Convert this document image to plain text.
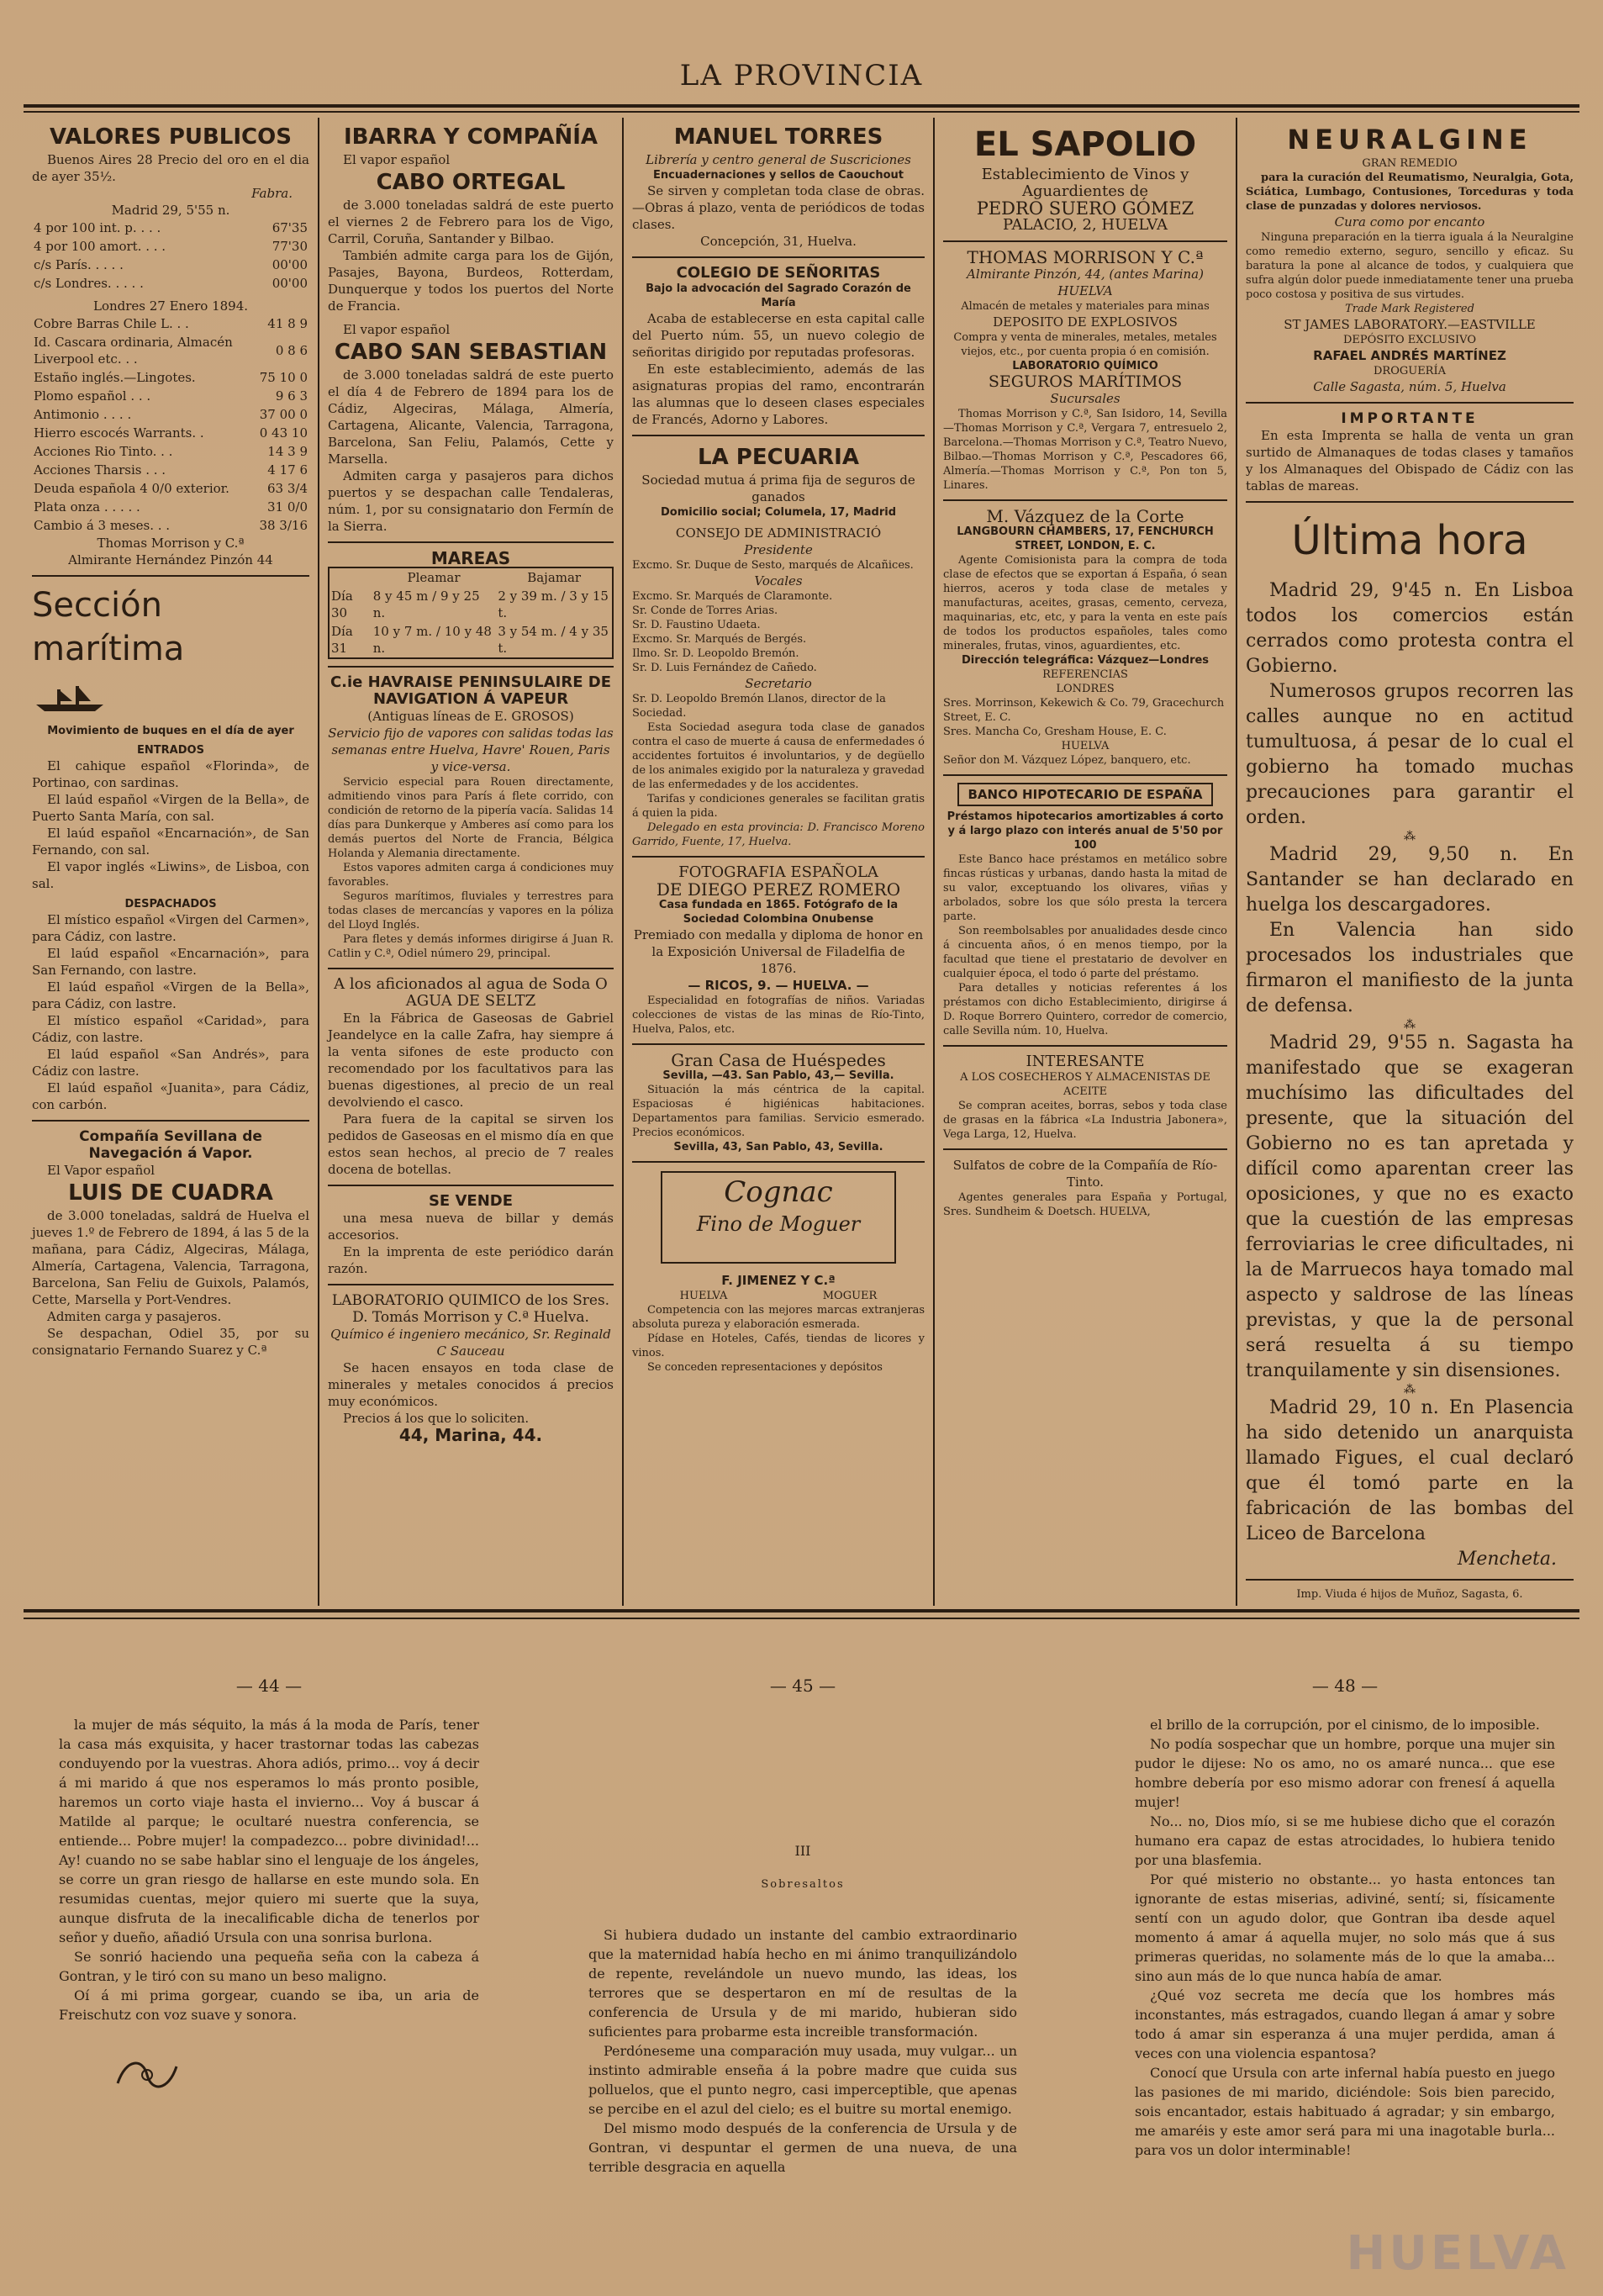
LA PROVINCIA
VALORES PUBLICOS
Buenos Aires 28 Precio del oro en el dia de ayer 35½.
Fabra.
Madrid 29, 5'55 n.
4 por 100 int. p. . . .	67'35
4 por 100 amort. . . .	77'30
c/s París. . . . .	00'00
c/s Londres. . . . .	00'00
Londres 27 Enero 1894.
Cobre Barras Chile L. . .	41 8 9
Id. Cascara ordinaria, Almacén Liverpool etc. . .	0 8 6
Estaño inglés.—Lingotes.	75 10 0
Plomo español . . .	9 6 3
Antimonio . . . .	37 00 0
Hierro escocés Warrants. .	0 43 10
Acciones Rio Tinto. . .	14 3 9
Acciones Tharsis . . .	4 17 6
Deuda española 4 0/0 exterior.	63 3/4
Plata onza . . . . .	31 0/0
Cambio á 3 meses. . .	38 3/16
Thomas Morrison y C.ª
Almirante Hernández Pinzón 44
Sección marítima
Movimiento de buques en el día de ayer
ENTRADOS
El cahique español «Florinda», de Portinao, con sardinas.
El laúd español «Virgen de la Bella», de Puerto Santa María, con sal.
El laúd español «Encarnación», de San Fernando, con sal.
El vapor inglés «Liwins», de Lisboa, con sal.
DESPACHADOS
El místico español «Virgen del Carmen», para Cádiz, con lastre.
El laúd español «Encarnación», para San Fernando, con lastre.
El laúd español «Virgen de la Bella», para Cádiz, con lastre.
El místico español «Caridad», para Cádiz, con lastre.
El laúd español «San Andrés», para Cádiz con lastre.
El laúd español «Juanita», para Cádiz, con carbón.
Compañía Sevillana de Navegación á Vapor.
El Vapor español
LUIS DE CUADRA
de 3.000 toneladas, saldrá de Huelva el jueves 1.º de Febrero de 1894, á las 5 de la mañana, para Cádiz, Algeciras, Málaga, Almería, Cartagena, Valencia, Tarragona, Barcelona, San Feliu de Guixols, Palamós, Cette, Marsella y Port-Vendres.
Admiten carga y pasajeros.
Se despachan, Odiel 35, por su consignatario Fernando Suarez y C.ª
IBARRA Y COMPAÑÍA
El vapor español
CABO ORTEGAL
de 3.000 toneladas saldrá de este puerto el viernes 2 de Febrero para los de Vigo, Carril, Coruña, Santander y Bilbao.
También admite carga para los de Gijón, Pasajes, Bayona, Burdeos, Rotterdam, Dunquerque y todos los puertos del Norte de Francia.
El vapor español
CABO SAN SEBASTIAN
de 3.000 toneladas saldrá de este puerto el día 4 de Febrero de 1894 para los de Cádiz, Algeciras, Málaga, Almería, Cartagena, Alicante, Valencia, Tarragona, Barcelona, San Feliu, Palamós, Cette y Marsella.
Admiten carga y pasajeros para dichos puertos y se despachan calle Tendaleras, núm. 1, por su consignatario don Fermín de la Sierra.
MAREAS
	Pleamar	Bajamar
Día 30	8 y 45 m / 9 y 25 n.	2 y 39 m. / 3 y 15 t.
Día 31	10 y 7 m. / 10 y 48 n.	3 y 54 m. / 4 y 35 t.
C.ie HAVRAISE PENINSULAIRE DE NAVIGATION Á VAPEUR
(Antiguas líneas de E. GROSOS)
Servicio fijo de vapores con salidas todas las semanas entre Huelva, Havre' Rouen, Paris y vice-versa.
Servicio especial para Rouen directamente, admitiendo vinos para París á flete corrido, con condición de retorno de la pipería vacía. Salidas 14 días para Dunkerque y Amberes así como para los demás puertos del Norte de Francia, Bélgica Holanda y Alemania directamente.
Estos vapores admiten carga á condiciones muy favorables.
Seguros marítimos, fluviales y terrestres para todas clases de mercancías y vapores en la póliza del Lloyd Inglés.
Para fletes y demás informes dirigirse á Juan R. Catlin y C.ª, Odiel número 29, principal.
A los aficionados al agua de Soda O AGUA DE SELTZ
En la Fábrica de Gaseosas de Gabriel Jeandelyce en la calle Zafra, hay siempre á la venta sifones de este producto con recomendado por los facultativos para las buenas digestiones, al precio de un real devolviendo el casco.
Para fuera de la capital se sirven los pedidos de Gaseosas en el mismo día en que estos sean hechos, al precio de 7 reales docena de botellas.
SE VENDE
una mesa nueva de billar y demás accesorios.
En la imprenta de este periódico darán razón.
LABORATORIO QUIMICO de los Sres. D. Tomás Morrison y C.ª Huelva.
Químico é ingeniero mecánico, Sr. Reginald C Sauceau
Se hacen ensayos en toda clase de minerales y metales conocidos á precios muy económicos.
Precios á los que lo soliciten.
44, Marina, 44.
MANUEL TORRES
Librería y centro general de Suscriciones
Encuadernaciones y sellos de Caouchout
Se sirven y completan toda clase de obras.—Obras á plazo, venta de periódicos de todas clases.
Concepción, 31, Huelva.
COLEGIO DE SEÑORITAS
Bajo la advocación del Sagrado Corazón de María
Acaba de establecerse en esta capital calle del Puerto núm. 55, un nuevo colegio de señoritas dirigido por reputadas profesoras.
En este establecimiento, además de las asignaturas propias del ramo, encontrarán las alumnas que lo deseen clases especiales de Francés, Adorno y Labores.
LA PECUARIA
Sociedad mutua á prima fija de seguros de ganados
Domicilio social; Columela, 17, Madrid
CONSEJO DE ADMINISTRACIÓ
Presidente
Excmo. Sr. Duque de Sesto, marqués de Alcañices.
Vocales
Excmo. Sr. Marqués de Claramonte.
Sr. Conde de Torres Arias.
Sr. D. Faustino Udaeta.
Excmo. Sr. Marqués de Bergés.
Ilmo. Sr. D. Leopoldo Bremón.
Sr. D. Luis Fernández de Cañedo.
Secretario
Sr. D. Leopoldo Bremón Llanos, director de la Sociedad.
Esta Sociedad asegura toda clase de ganados contra el caso de muerte á causa de enfermedades ó accidentes fortuitos é involuntarios, y de degüello de los animales exigido por la naturaleza y gravedad de las enfermedades y de los accidentes.
Tarifas y condiciones generales se facilitan gratis á quien la pida.
Delegado en esta provincia: D. Francisco Moreno Garrido, Fuente, 17, Huelva.
FOTOGRAFIA ESPAÑOLA
DE DIEGO PEREZ ROMERO
Casa fundada en 1865. Fotógrafo de la Sociedad Colombina Onubense
Premiado con medalla y diploma de honor en la Exposición Universal de Filadelfia de 1876.
— RICOS, 9. — HUELVA. —
Especialidad en fotografías de niños. Variadas colecciones de vistas de las minas de Río-Tinto, Huelva, Palos, etc.
Gran Casa de Huéspedes
Sevilla, —43. San Pablo, 43,— Sevilla.
Situación la más céntrica de la capital. Espaciosas é higiénicas habitaciones. Departamentos para familias. Servicio esmerado. Precios económicos.
Sevilla, 43, San Pablo, 43, Sevilla.
Cognac
Fino de Moguer
F. JIMENEZ Y C.ª
HUELVA	MOGUER
Competencia con las mejores marcas extranjeras absoluta pureza y elaboración esmerada.
Pídase en Hoteles, Cafés, tiendas de licores y vinos.
Se conceden representaciones y depósitos
EL SAPOLIO
Establecimiento de Vinos y Aguardientes de
PEDRO SUERO GÓMEZ
PALACIO, 2, HUELVA
THOMAS MORRISON Y C.ª
Almirante Pinzón, 44, (antes Marina) HUELVA
Almacén de metales y materiales para minas
DEPOSITO DE EXPLOSIVOS
Compra y venta de minerales, metales, metales viejos, etc., por cuenta propia ó en comisión.
LABORATORIO QUÍMICO
SEGUROS MARÍTIMOS
Sucursales
Thomas Morrison y C.ª, San Isidoro, 14, Sevilla—Thomas Morrison y C.ª, Vergara 7, entresuelo 2, Barcelona.—Thomas Morrison y C.ª, Teatro Nuevo, Bilbao.—Thomas Morrison y C.ª, Pescadores 66, Almería.—Thomas Morrison y C.ª, Pon ton 5, Linares.
M. Vázquez de la Corte
LANGBOURN CHAMBERS, 17, FENCHURCH STREET, LONDON, E. C.
Agente Comisionista para la compra de toda clase de efectos que se exportan á España, ó sean hierros, aceros y toda clase de metales y manufacturas, aceites, grasas, cemento, cerveza, maquinarias, etc, etc, y para la venta en este país de todos los productos españoles, tales como minerales, frutas, vinos, aguardientes, etc.
Dirección telegráfica: Vázquez—Londres
REFERENCIAS
LONDRES
Sres. Morrinson, Kekewich & Co. 79, Gracechurch Street, E. C.
Sres. Mancha Co, Gresham House, E. C.
HUELVA
Señor don M. Vázquez López, banquero, etc.
BANCO HIPOTECARIO DE ESPAÑA
Préstamos hipotecarios amortizables á corto y á largo plazo con interés anual de 5'50 por 100
Este Banco hace préstamos en metálico sobre fincas rústicas y urbanas, dando hasta la mitad de su valor, exceptuando los olivares, viñas y arbolados, sobre los que sólo presta la tercera parte.
Son reembolsables por anualidades desde cinco á cincuenta años, ó en menos tiempo, por la facultad que tiene el prestatario de devolver en cualquier época, el todo ó parte del préstamo.
Para detalles y noticias referentes á los préstamos con dicho Establecimiento, dirigirse á D. Roque Borrero Quintero, corredor de comercio, calle Sevilla núm. 10, Huelva.
INTERESANTE
A LOS COSECHEROS Y ALMACENISTAS DE ACEITE
Se compran aceites, borras, sebos y toda clase de grasas en la fábrica «La Industria Jabonera», Vega Larga, 12, Huelva.
Sulfatos de cobre de la Compañía de Río-Tinto.
Agentes generales para España y Portugal, Sres. Sundheim & Doetsch. HUELVA,
NEURALGINE
GRAN REMEDIO
para la curación del Reumatismo, Neuralgia, Gota, Sciática, Lumbago, Contusiones, Torceduras y toda clase de punzadas y dolores nerviosos.
Cura como por encanto
Ninguna preparación en la tierra iguala á la Neuralgine como remedio externo, seguro, sencillo y eficaz. Su baratura la pone al alcance de todos, y cualquiera que sufra algún dolor puede inmediatamente tener una prueba poco costosa y positiva de sus virtudes.
Trade Mark Registered
ST JAMES LABORATORY.—EASTVILLE
DEPÓSITO EXCLUSIVO
RAFAEL ANDRÉS MARTÍNEZ
DROGUERÍA
Calle Sagasta, núm. 5, Huelva
IMPORTANTE
En esta Imprenta se halla de venta un gran surtido de Almanaques de todas clases y tamaños y los Almanaques del Obispado de Cádiz con las tablas de mareas.
Última hora
Madrid 29, 9'45 n. En Lisboa todos los comercios están cerrados como protesta contra el Gobierno.
Numerosos grupos recorren las calles aunque no en actitud tumultuosa, á pesar de lo cual el gobierno ha tomado muchas precauciones para garantir el orden.
⁂
Madrid 29, 9,50 n. En Santander se han declarado en huelga los descargadores.
En Valencia han sido procesados los industriales que firmaron el manifiesto de la junta de defensa.
⁂
Madrid 29, 9'55 n. Sagasta ha manifestado que se exageran muchísimo las dificultades del presente, que la situación del Gobierno no es tan apretada y difícil como aparentan creer las oposiciones, y que no es exacto que la cuestión de las empresas ferroviarias le cree dificultades, ni la de Marruecos haya tomado mal aspecto y saldrose de las líneas previstas, y que la de personal será resuelta á su tiempo tranquilamente y sin disensiones.
⁂
Madrid 29, 10 n. En Plasencia ha sido detenido un anarquista llamado Figues, el cual declaró que él tomó parte en la fabricación de las bombas del Liceo de Barcelona
Mencheta.
Imp. Viuda é hijos de Muñoz, Sagasta, 6.
— 44 —
la mujer de más séquito, la más á la moda de París, tener la casa más exquisita, y hacer trastornar todas las cabezas conduyendo por la vuestras. Ahora adiós, primo... voy á decir á mi marido á que nos esperamos lo más pronto posible, haremos un corto viaje hasta el invierno... Voy á buscar á Matilde al parque; le ocultaré nuestra conferencia, se entiende... Pobre mujer! la compadezco... pobre divinidad!... Ay! cuando no se sabe hablar sino el lenguaje de los ángeles, se corre un gran riesgo de hallarse en este mundo sola. En resumidas cuentas, mejor quiero mi suerte que la suya, aunque disfruta de la inecalificable dicha de tenerlos por señor y dueño, añadió Ursula con una sonrisa burlona.
Se sonrió haciendo una pequeña seña con la cabeza á Gontran, y le tiró con su mano un beso maligno.
Oí á mi prima gorgear, cuando se iba, un aria de Freischutz con voz suave y sonora.
— 45 —
III
Sobresaltos
Si hubiera dudado un instante del cambio extraordinario que la maternidad había hecho en mi ánimo tranquilizándolo de repente, revelándole un nuevo mundo, las ideas, los terrores que se despertaron en mí de resultas de la conferencia de Ursula y de mi marido, hubieran sido suficientes para probarme esta increible transformación.
Perdóneseme una comparación muy usada, muy vulgar... un instinto admirable enseña á la pobre madre que cuida sus polluelos, que el punto negro, casi imperceptible, que apenas se percibe en el azul del cielo; es el buitre su mortal enemigo.
Del mismo modo después de la conferencia de Ursula y de Gontran, vi despuntar el germen de una nueva, de una terrible desgracia en aquella
— 48 —
el brillo de la corrupción, por el cinismo, de lo imposible.
No podía sospechar que un hombre, porque una mujer sin pudor le dijese: No os amo, no os amaré nunca... que ese hombre debería por eso mismo adorar con frenesí á aquella mujer!
No... no, Dios mío, si se me hubiese dicho que el corazón humano era capaz de estas atrocidades, lo hubiera tenido por una blasfemia.
Por qué misterio no obstante... yo hasta entonces tan ignorante de estas miserias, adiviné, sentí; si, físicamente sentí con un agudo dolor, que Gontran iba desde aquel momento á amar á aquella mujer, no solo más que á sus primeras queridas, no solamente más de lo que la amaba... sino aun más de lo que nunca había de amar.
¿Qué voz secreta me decía que los hombres más inconstantes, más estragados, cuando llegan á amar y sobre todo á amar sin esperanza á una mujer perdida, aman á veces con una violencia espantosa?
Conocí que Ursula con arte infernal había puesto en juego las pasiones de mi marido, diciéndole: Sois bien parecido, sois encantador, estais habituado á agradar; y sin embargo, me amaréis y este amor será para mi una inagotable burla... para vos un dolor interminable!
HUELVA
